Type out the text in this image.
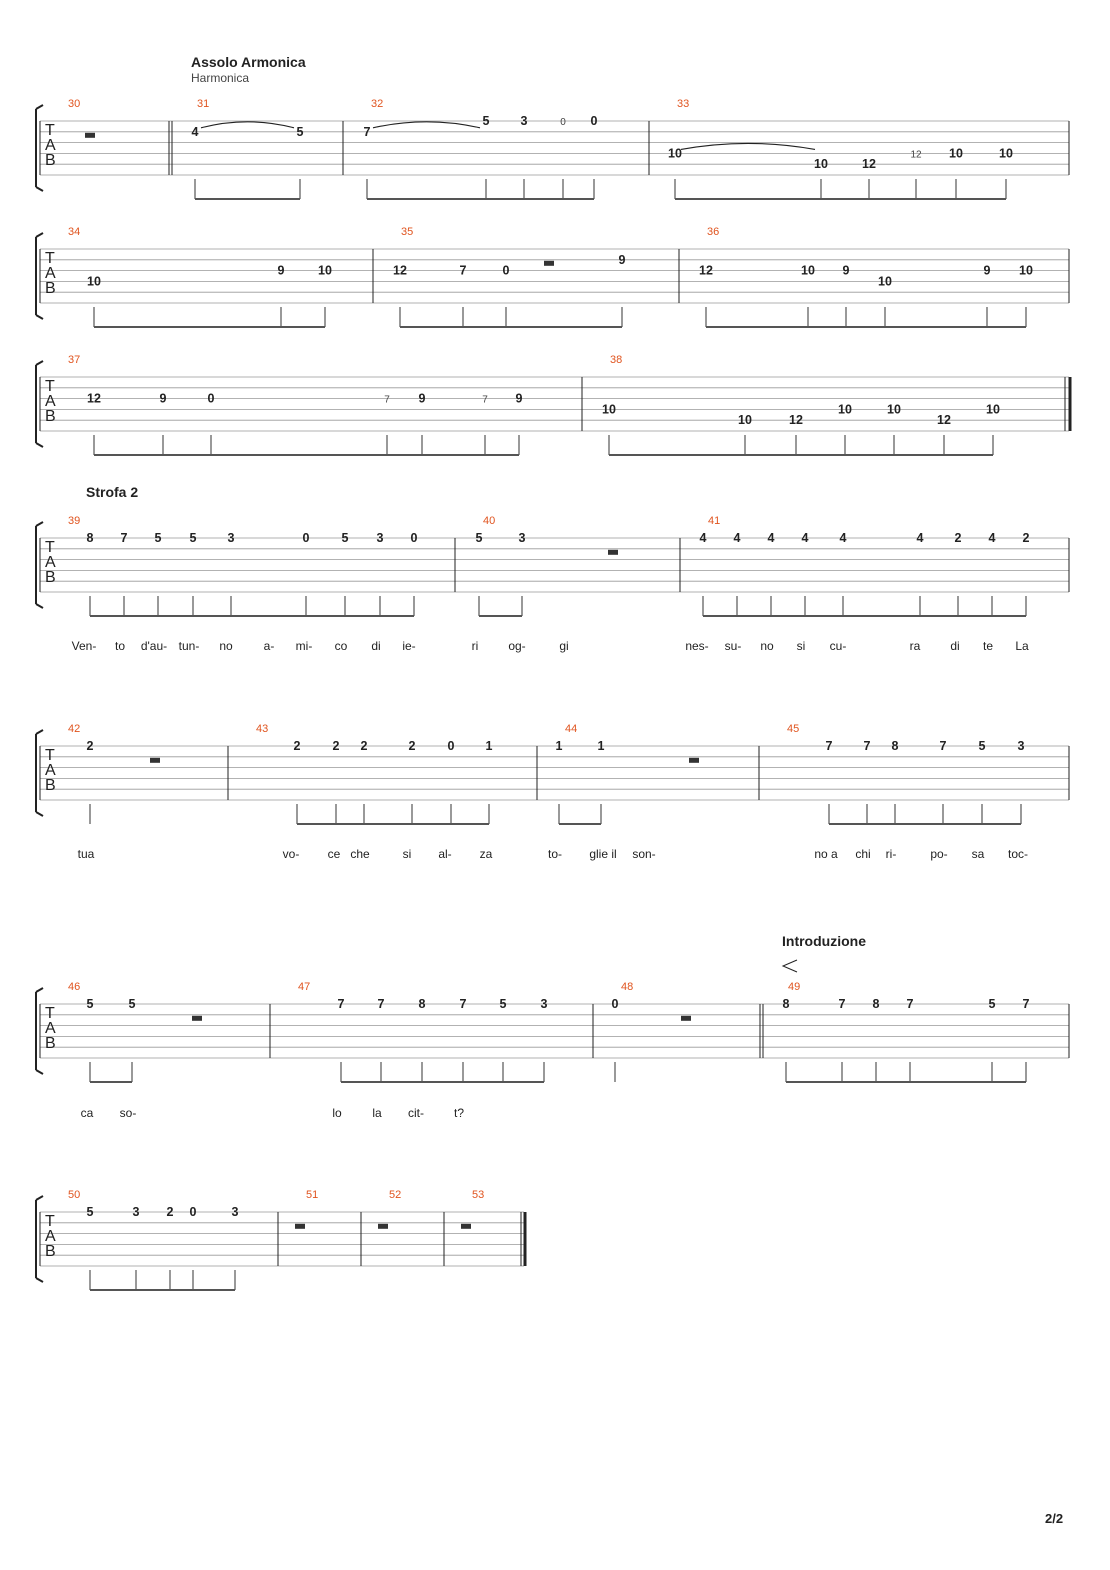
Assolo Armonica
Harmonica
T
A
B
30	31
4	5
32
7
5 3	0 0
33
10
10	12
12 10	10
T
A
B
34
10
9	10
35
12	7	0
9
36
12	10 9
10
9 10
T
A
B
37
12	9	0	7 9	7 9
38
10
10	12
10	10
12
10
T
A
B
Strofa 2
39
8 7 5 5 3	0	5 3 0
40
5	3
41
4 4 4 4 4	4 2 4 2
Ven- to d'au- tun- no	a- mi- co di ie-	ri og-	gi	nes- su- no si cu-	ra di te La
T
A
B
42
2
43
2	2 2	2	0 1
44
1	1
45
7 7 8	7	5	3
tua	vo- ce che	si al- za	to- glie il son-	no a chi ri-	po- sa toc-
T
A
B
Introduzione
46
5	5
47
7	7	8	7	5	3
48
0
49
8	7 8 7	5 7
ca so-	lo	la cit- t?
T
A
B
50
5	3 2 0	3
51	52	53
2/2
